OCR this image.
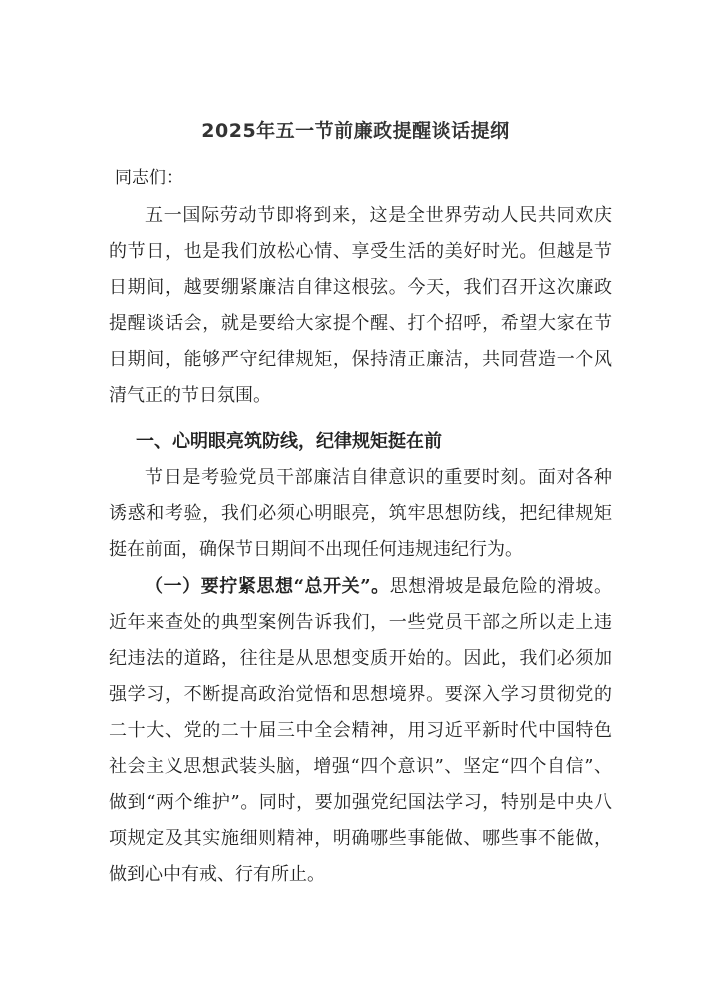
2025年五一节前廉政提醒谈话提纲
同志们：

五一国际劳动节即将到来，这是全世界劳动人民共同欢庆的节日，也是我们放松心情、享受生活的美好时光。但越是节日期间，越要绷紧廉洁自律这根弦。今天，我们召开这次廉政提醒谈话会，就是要给大家提个醒、打个招呼，希望大家在节日期间，能够严守纪律规矩，保持清正廉洁，共同营造一个风清气正的节日氛围。

一、心明眼亮筑防线，纪律规矩挺在前

节日是考验党员干部廉洁自律意识的重要时刻。面对各种诱惑和考验，我们必须心明眼亮，筑牢思想防线，把纪律规矩挺在前面，确保节日期间不出现任何违规违纪行为。

（一）要拧紧思想“总开关”。思想滑坡是最危险的滑坡。近年来查处的典型案例告诉我们，一些党员干部之所以走上违纪违法的道路，往往是从思想变质开始的。因此，我们必须加强学习，不断提高政治觉悟和思想境界。要深入学习贯彻党的二十大、党的二十届三中全会精神，用习近平新时代中国特色社会主义思想武装头脑，增强“四个意识”、坚定“四个自信”、做到“两个维护”。同时，要加强党纪国法学习，特别是中央八项规定及其实施细则精神，明确哪些事能做、哪些事不能做，做到心中有戒、行有所止。
